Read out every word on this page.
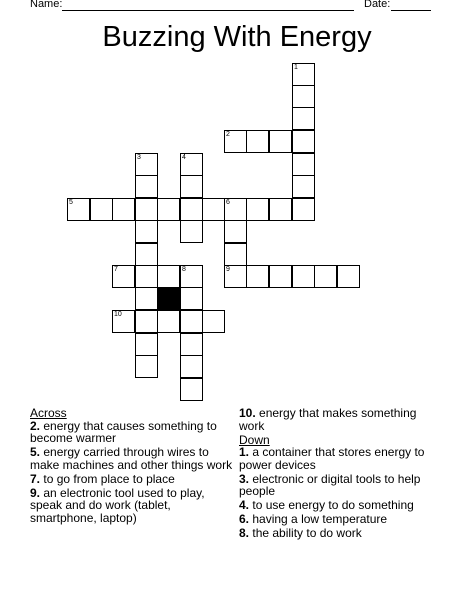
Name:	Date:
Buzzing With Energy
1
2
3	4
5	6
7	8	9
10

Across

2. energy that causes something to become warmer

5. energy carried through wires to make machines and other things work

7. to go from place to place

9. an electronic tool used to play, speak and do work (tablet, smartphone, laptop)

10. energy that makes something work

Down

1. a container that stores energy to power devices

3. electronic or digital tools to help people

4. to use energy to do something

6. having a low temperature

8. the ability to do work
